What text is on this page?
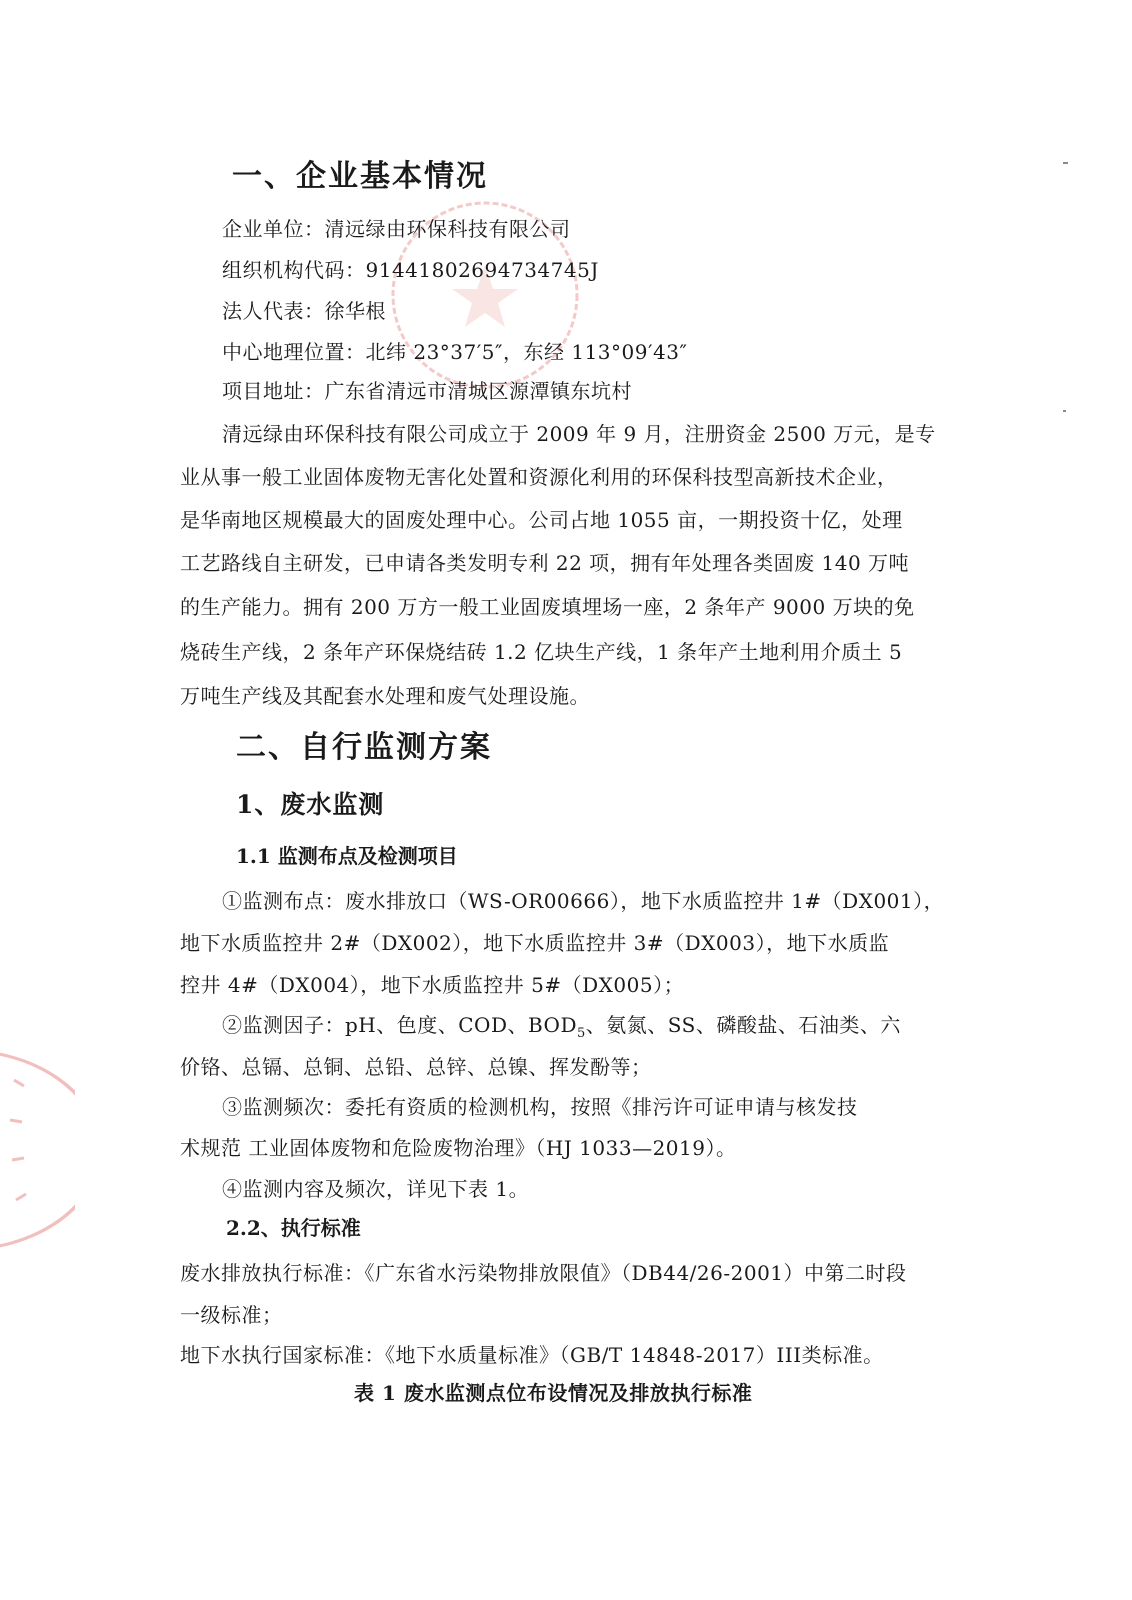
一、企业基本情况

企业单位：清远绿由环保科技有限公司

组织机构代码：91441802694734745J

法人代表：徐华根

中心地理位置：北纬 23°37′5″，东经 113°09′43″

项目地址：广东省清远市清城区源潭镇东坑村

清远绿由环保科技有限公司成立于 2009 年 9 月，注册资金 2500 万元，是专

业从事一般工业固体废物无害化处置和资源化利用的环保科技型高新技术企业，

是华南地区规模最大的固废处理中心。公司占地 1055 亩，一期投资十亿，处理

工艺路线自主研发，已申请各类发明专利 22 项，拥有年处理各类固废 140 万吨

的生产能力。拥有 200 万方一般工业固废填埋场一座，2 条年产 9000 万块的免

烧砖生产线，2 条年产环保烧结砖 1.2 亿块生产线，1 条年产土地利用介质土 5

万吨生产线及其配套水处理和废气处理设施。

二、自行监测方案

1、废水监测

1.1 监测布点及检测项目

①监测布点：废水排放口（WS-OR00666），地下水质监控井 1#（DX001），

地下水质监控井 2#（DX002），地下水质监控井 3#（DX003），地下水质监

控井 4#（DX004），地下水质监控井 5#（DX005）；

②监测因子：pH、色度、COD、$BOD_5$、氨氮、SS、磷酸盐、石油类、六

价铬、总镉、总铜、总铅、总锌、总镍、挥发酚等；

③监测频次：委托有资质的检测机构，按照《排污许可证申请与核发技

术规范 工业固体废物和危险废物治理》（HJ 1033—2019）。

④监测内容及频次，详见下表 1。

2.2、执行标准

废水排放执行标准：《广东省水污染物排放限值》（DB44/26-2001）中第二时段

一级标准；

地下水执行国家标准：《地下水质量标准》（GB/T 14848-2017）III类标准。

表 1 废水监测点位布设情况及排放执行标准
